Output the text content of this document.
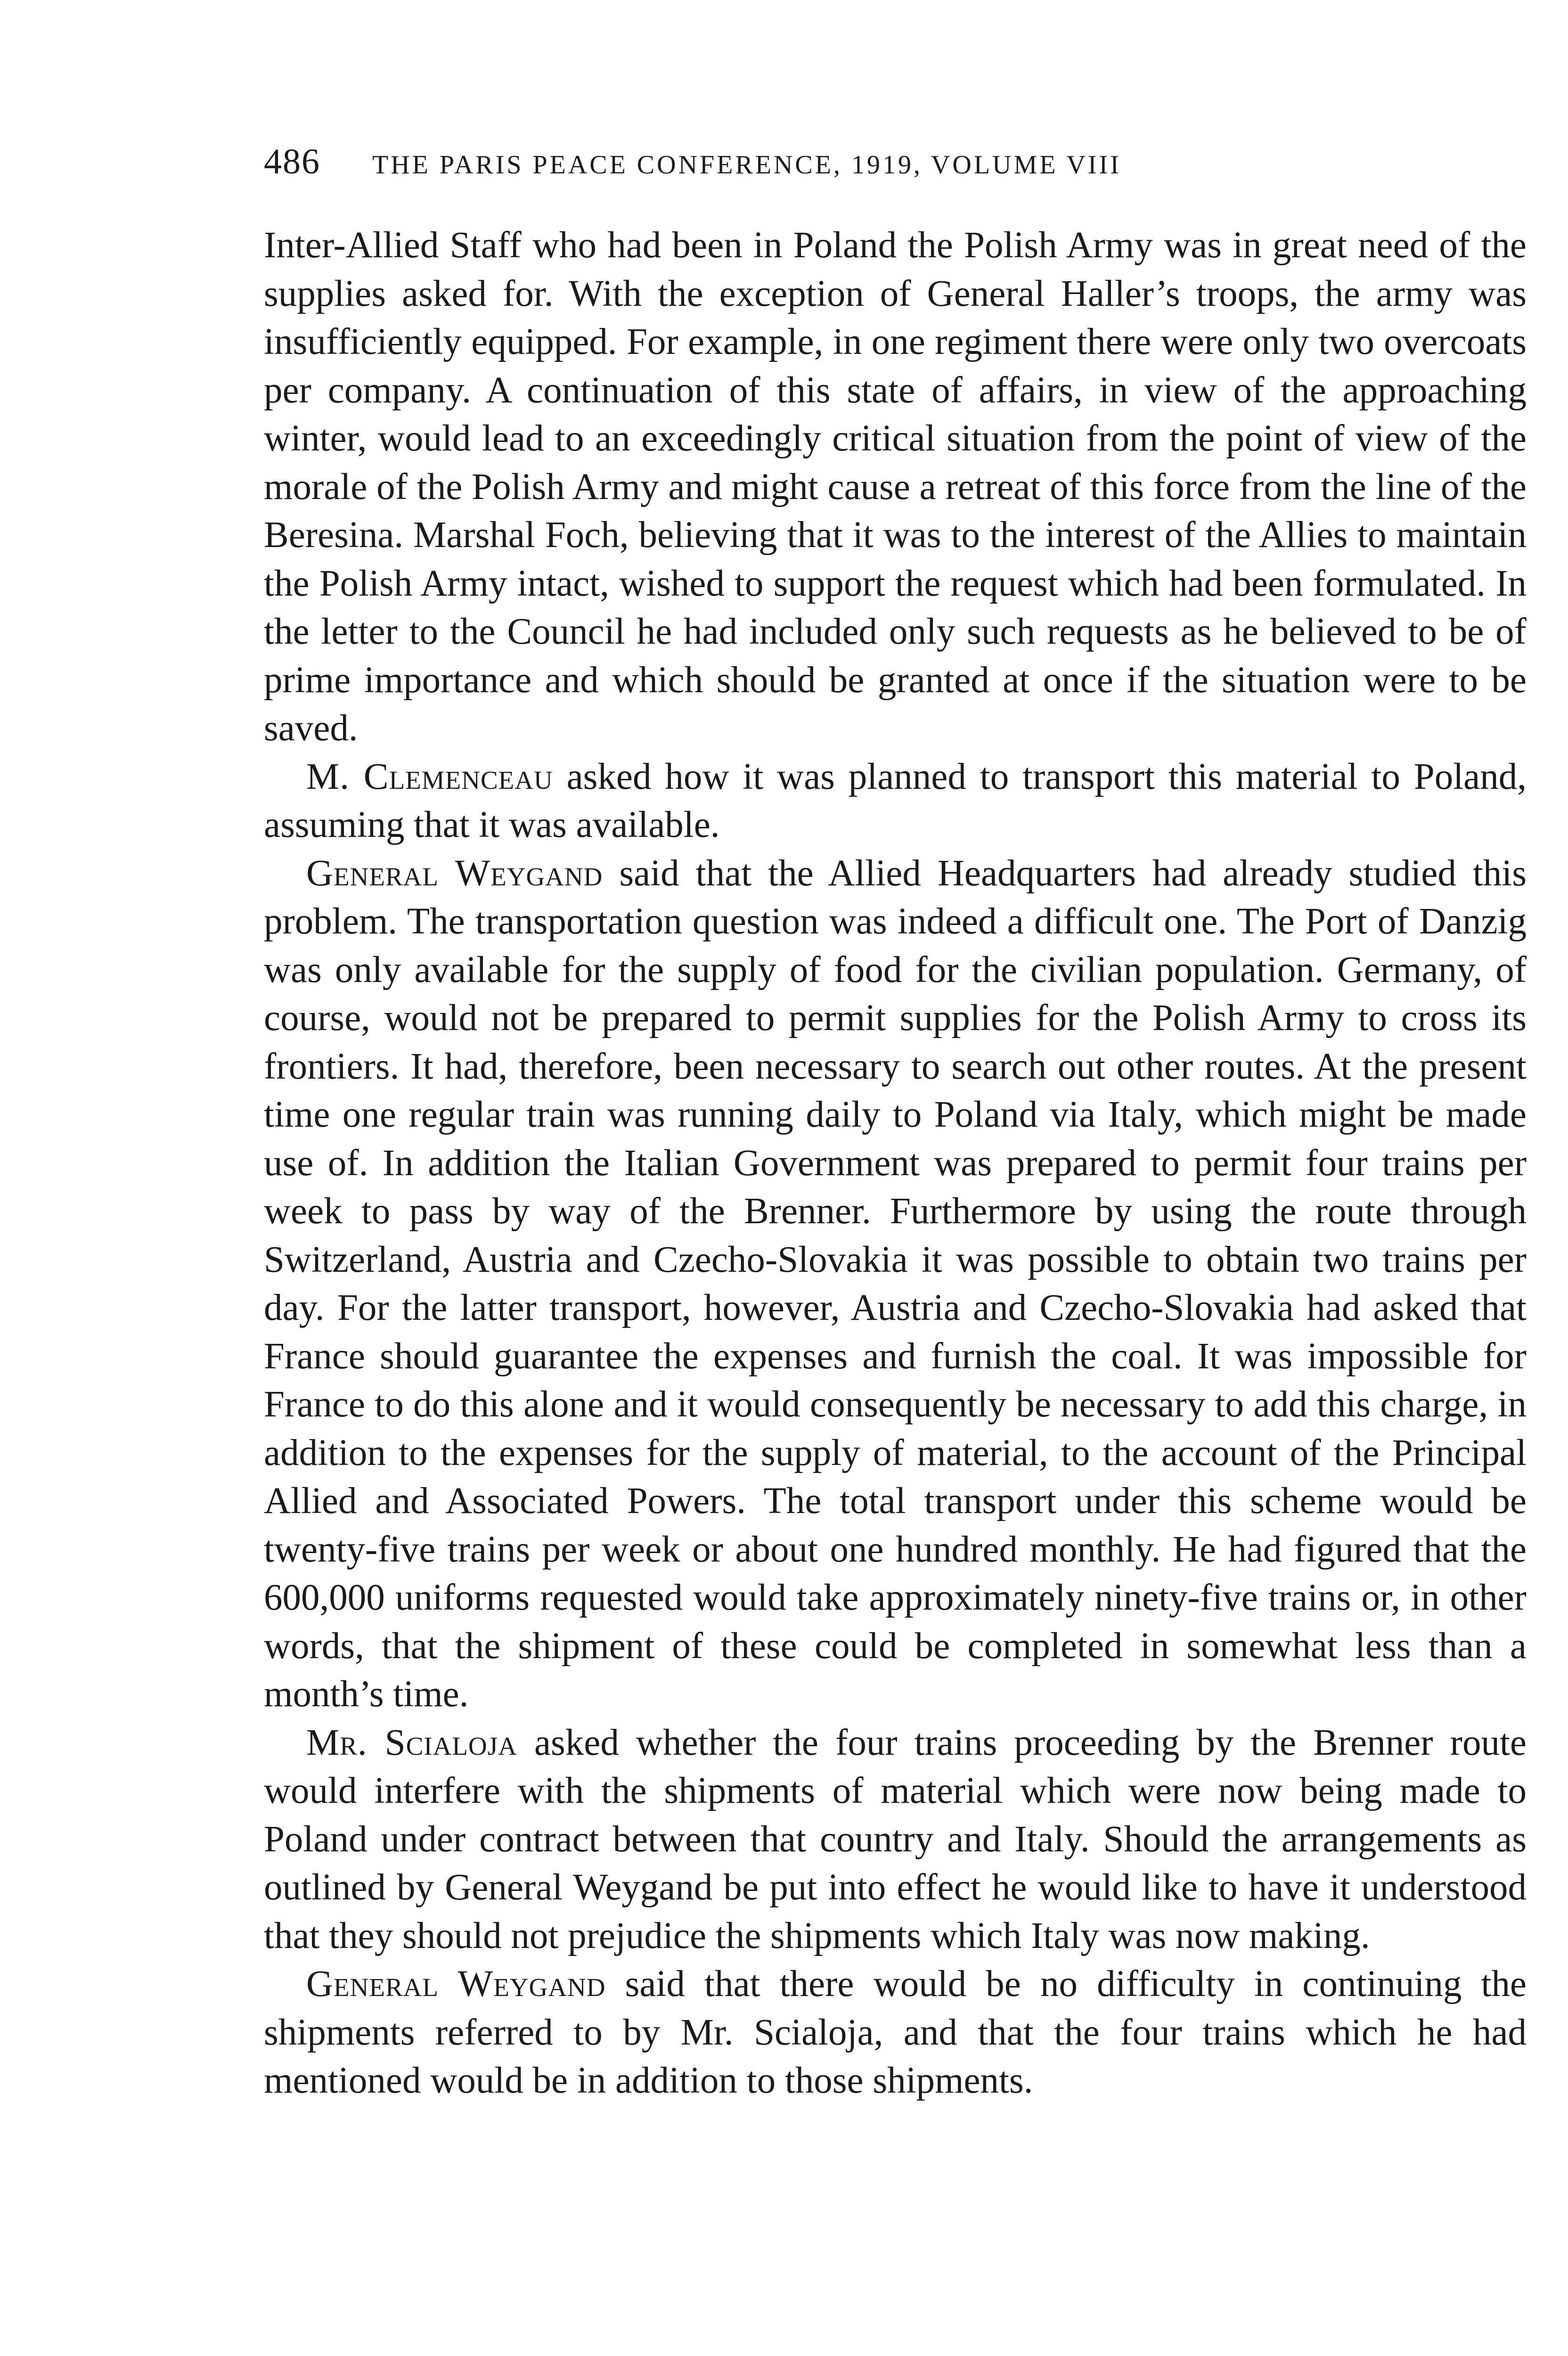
486 THE PARIS PEACE CONFERENCE, 1919, VOLUME VIII

Inter-Allied Staff who had been in Poland the Polish Army was in great need of the supplies asked for. With the exception of General Haller’s troops, the army was insufficiently equipped. For example, in one regiment there were only two overcoats per company. A continuation of this state of affairs, in view of the approaching winter, would lead to an exceedingly critical situation from the point of view of the morale of the Polish Army and might cause a retreat of this force from the line of the Beresina. Marshal Foch, believing that it was to the interest of the Allies to maintain the Polish Army intact, wished to support the request which had been formulated. In the letter to the Council he had included only such requests as he believed to be of prime importance and which should be granted at once if the situation were to be saved.

M. Clemenceau asked how it was planned to transport this material to Poland, assuming that it was available.

General Weygand said that the Allied Headquarters had already studied this problem. The transportation question was indeed a difficult one. The Port of Danzig was only available for the supply of food for the civilian population. Germany, of course, would not be prepared to permit supplies for the Polish Army to cross its frontiers. It had, therefore, been necessary to search out other routes. At the present time one regular train was running daily to Poland via Italy, which might be made use of. In addition the Italian Government was prepared to permit four trains per week to pass by way of the Brenner. Furthermore by using the route through Switzerland, Austria and Czecho-Slovakia it was possible to obtain two trains per day. For the latter transport, however, Austria and Czecho-Slovakia had asked that France should guarantee the expenses and furnish the coal. It was impossible for France to do this alone and it would consequently be necessary to add this charge, in addition to the expenses for the supply of material, to the account of the Principal Allied and Associated Powers. The total transport under this scheme would be twenty-five trains per week or about one hundred monthly. He had figured that the 600,000 uniforms requested would take approximately ninety-five trains or, in other words, that the shipment of these could be completed in somewhat less than a month’s time.

Mr. Scialoja asked whether the four trains proceeding by the Brenner route would interfere with the shipments of material which were now being made to Poland under contract between that country and Italy. Should the arrangements as outlined by General Weygand be put into effect he would like to have it understood that they should not prejudice the shipments which Italy was now making.

General Weygand said that there would be no difficulty in continuing the shipments referred to by Mr. Scialoja, and that the four trains which he had mentioned would be in addition to those shipments.
